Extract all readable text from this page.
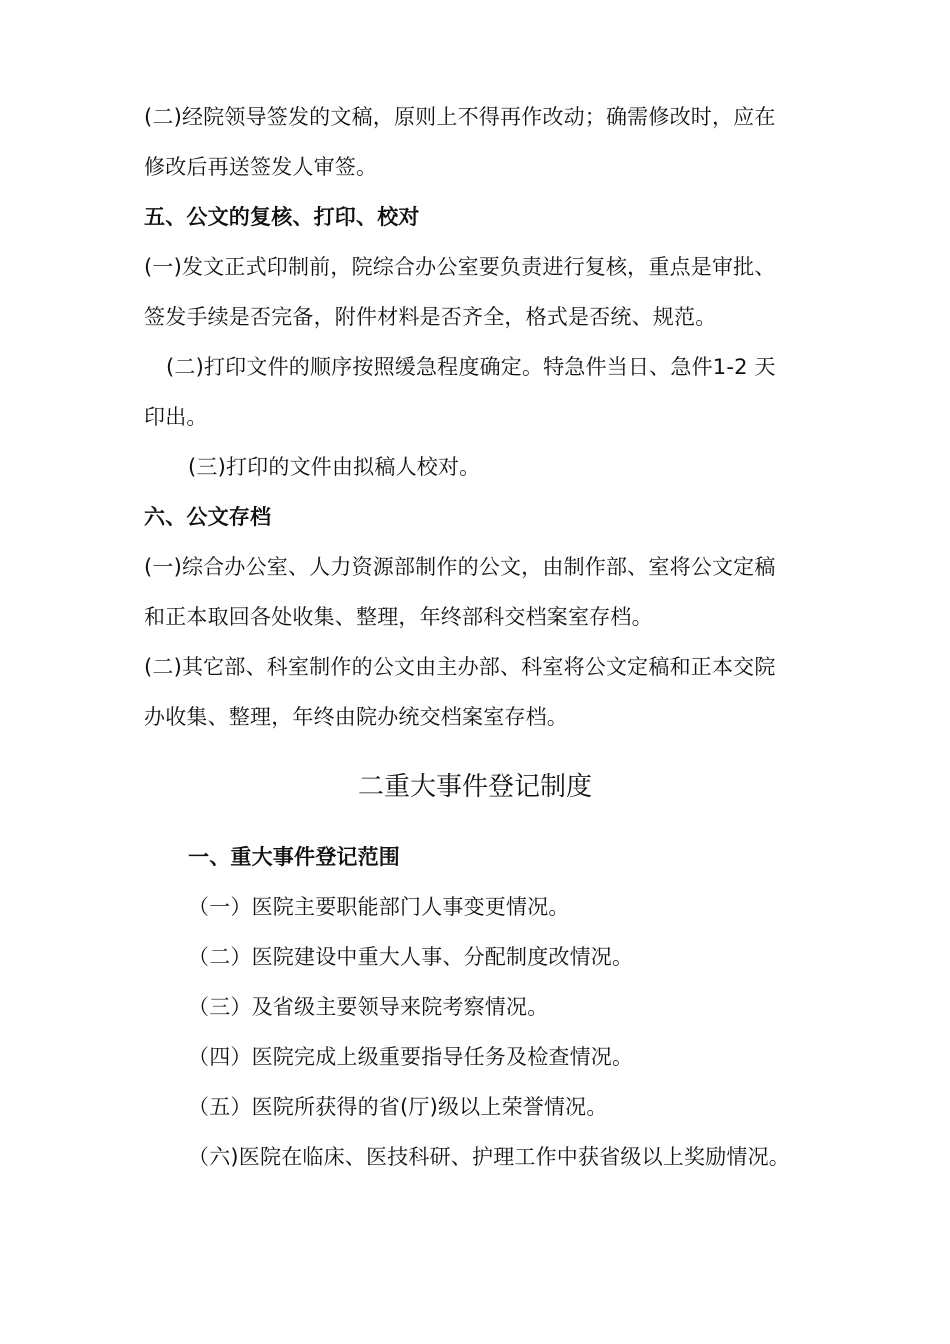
(二)经院领导签发的文稿，原则上不得再作改动；确需修改时，应在
修改后再送签发人审签。
五、公文的复核、打印、校对
(一)发文正式印制前，院综合办公室要负责进行复核，重点是审批、
签发手续是否完备，附件材料是否齐全，格式是否统、规范。
(二)打印文件的顺序按照缓急程度确定。特急件当日、急件1-2 天
印出。
(三)打印的文件由拟稿人校对。
六、公文存档
(一)综合办公室、人力资源部制作的公文，由制作部、室将公文定稿
和正本取回各处收集、整理，年终部科交档案室存档。
(二)其它部、科室制作的公文由主办部、科室将公文定稿和正本交院
办收集、整理，年终由院办统交档案室存档。
二重大事件登记制度
一、重大事件登记范围
（一）医院主要职能部门人事变更情况。
（二）医院建设中重大人事、分配制度改情况。
（三）及省级主要领导来院考察情况。
（四）医院完成上级重要指导任务及检查情况。
（五）医院所获得的省(厅)级以上荣誉情况。
（六)医院在临床、医技科研、护理工作中获省级以上奖励情况。
